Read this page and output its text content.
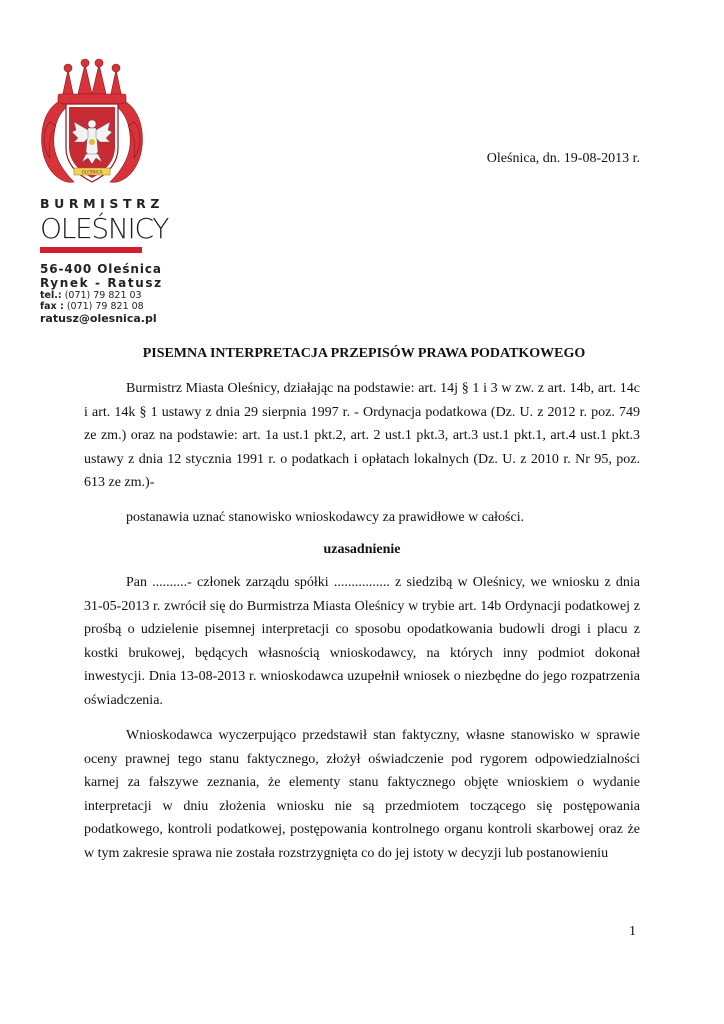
OLEŚNICA
BURMISTRZ
OLEŚNICY
56-400 Oleśnica
Rynek - Ratusz
tel.: (071) 79 821 03
fax : (071) 79 821 08
ratusz@olesnica.pl
Oleśnica, dn. 19-08-2013 r.
PISEMNA INTERPRETACJA PRZEPISÓW PRAWA PODATKOWEGO

Burmistrz Miasta Oleśnicy, działając na podstawie: art. 14j § 1 i 3 w zw. z art. 14b, art. 14c i art. 14k § 1 ustawy z dnia 29 sierpnia 1997 r. - Ordynacja podatkowa (Dz. U. z 2012 r. poz. 749 ze zm.) oraz na podstawie: art. 1a ust.1 pkt.2, art. 2 ust.1 pkt.3, art.3 ust.1 pkt.1, art.4 ust.1 pkt.3 ustawy z dnia 12 stycznia 1991 r. o podatkach i opłatach lokalnych (Dz. U. z 2010 r. Nr 95, poz. 613 ze zm.)-

postanawia uznać stanowisko wnioskodawcy za prawidłowe w całości.

uzasadnienie

Pan ..........- członek zarządu spółki ................ z siedzibą w Oleśnicy, we wniosku z dnia 31-05-2013 r. zwrócił się do Burmistrza Miasta Oleśnicy w trybie art. 14b Ordynacji podatkowej z prośbą o udzielenie pisemnej interpretacji co sposobu opodatkowania budowli drogi i placu z kostki brukowej, będących własnością wnioskodawcy, na których inny podmiot dokonał inwestycji. Dnia 13-08-2013 r. wnioskodawca uzupełnił wniosek o niezbędne do jego rozpatrzenia oświadczenia.

Wnioskodawca wyczerpująco przedstawił stan faktyczny, własne stanowisko w sprawie oceny prawnej tego stanu faktycznego, złożył oświadczenie pod rygorem odpowiedzialności karnej za fałszywe zeznania, że elementy stanu faktycznego objęte wnioskiem o wydanie interpretacji w dniu złożenia wniosku nie są przedmiotem toczącego się postępowania podatkowego, kontroli podatkowej, postępowania kontrolnego organu kontroli skarbowej oraz że w tym zakresie sprawa nie została rozstrzygnięta co do jej istoty w decyzji lub postanowieniu

1
